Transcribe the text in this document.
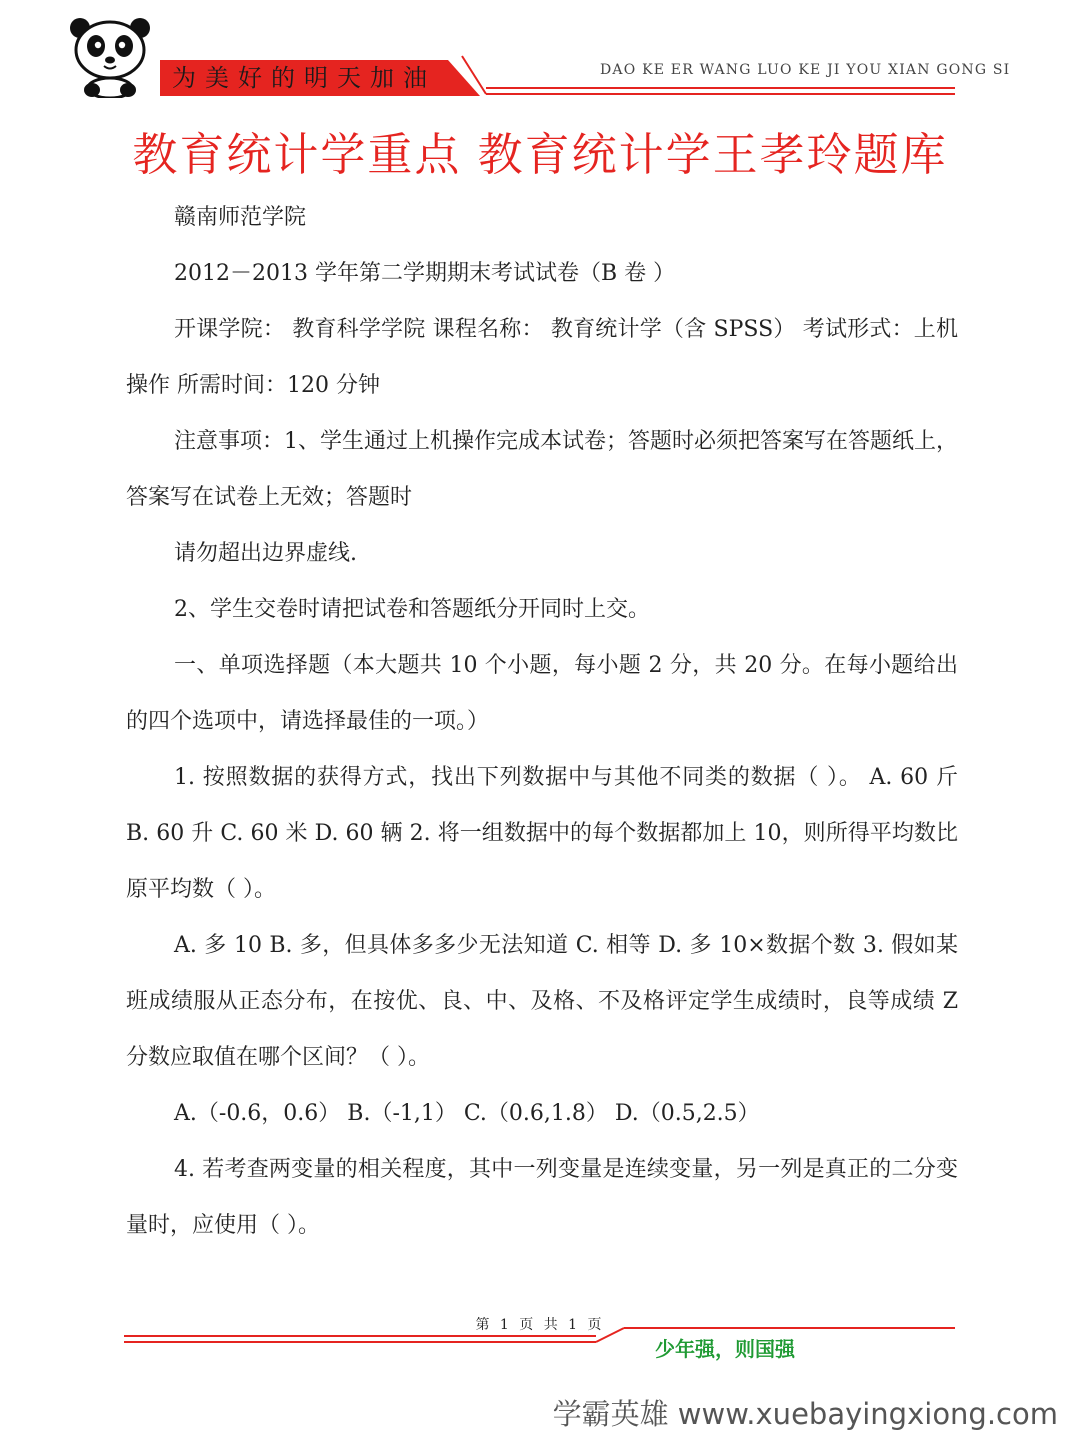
为美好的明天加油	DAO KE ER WANG LUO KE JI YOU XIAN GONG SI
教育统计学重点 教育统计学王孝玲题库

赣南师范学院

2012－2013 学年第二学期期末考试试卷（B 卷 ）

开课学院： 教育科学学院 课程名称： 教育统计学（含 SPSS） 考试形式：上机操作 所需时间：120 分钟

注意事项：1、学生通过上机操作完成本试卷；答题时必须把答案写在答题纸上，答案写在试卷上无效；答题时

请勿超出边界虚线.

2、学生交卷时请把试卷和答题纸分开同时上交。

一、单项选择题（本大题共 10 个小题，每小题 2 分，共 20 分。在每小题给出的四个选项中，请选择最佳的一项。）

1. 按照数据的获得方式，找出下列数据中与其他不同类的数据（ ）。 A. 60 斤 B. 60 升 C. 60 米 D. 60 辆 2. 将一组数据中的每个数据都加上 10，则所得平均数比原平均数（ ）。

A. 多 10 B. 多，但具体多多少无法知道 C. 相等 D. 多 10×数据个数 3. 假如某班成绩服从正态分布，在按优、良、中、及格、不及格评定学生成绩时，良等成绩 Z 分数应取值在哪个区间？（ ）。

A.（-0.6，0.6） B.（-1,1） C.（0.6,1.8） D.（0.5,2.5）

4. 若考查两变量的相关程度，其中一列变量是连续变量，另一列是真正的二分变量时，应使用（ ）。

第 1 页 共 1 页
少年强，则国强
学霸英雄 www.xuebayingxiong.com
